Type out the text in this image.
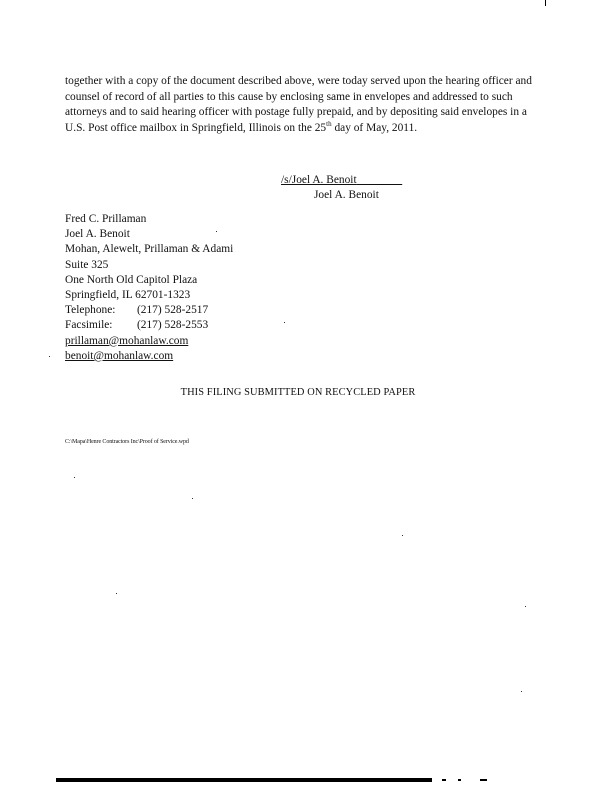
together with a copy of the document described above, were today served upon the hearing officer and counsel of record of all parties to this cause by enclosing same in envelopes and addressed to such attorneys and to said hearing officer with postage fully prepaid, and by depositing said envelopes in a U.S. Post office mailbox in Springfield, Illinois on the 25th day of May, 2011.

/s/Joel A. Benoit   _   _
Joel A. Benoit
Fred C. Prillaman
Joel A. Benoit
Mohan, Alewelt, Prillaman & Adami
Suite 325
One North Old Capitol Plaza
Springfield, IL 62701-1323
Telephone: (217) 528-2517
Facsimile: (217) 528-2553
prillaman@mohanlaw.com
benoit@mohanlaw.com
THIS FILING SUBMITTED ON RECYCLED PAPER
C:\Mapa\Henre Contractors Inc\Proof of Service.wpd
